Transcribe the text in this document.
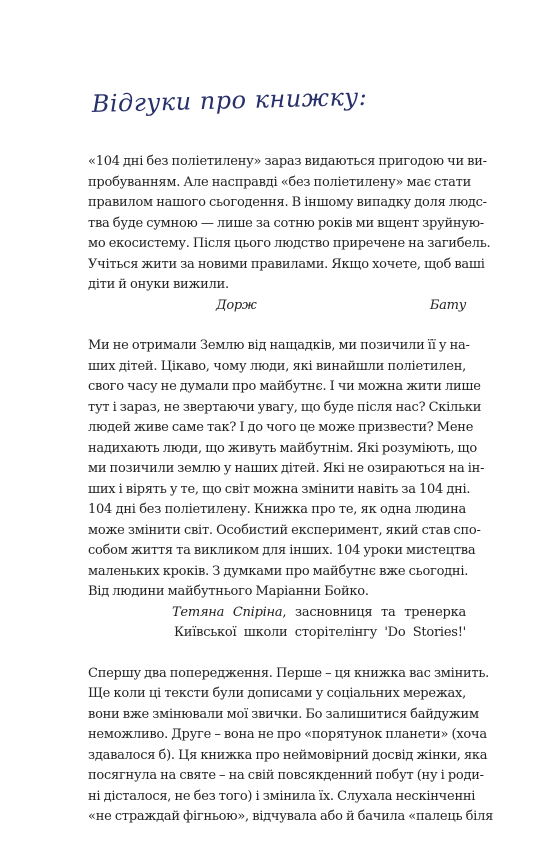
Відгуки про книжку:
«104 дні без поліетилену» зараз видаються пригодою чи ви-
пробуванням. Але насправді «без поліетилену» має стати
правилом нашого сьогодення. В іншому випадку доля людс-
тва буде сумною — лише за сотню років ми вщент зруйную-
мо екосистему. Після цього людство приречене на загибель.
Учіться жити за новими правилами. Якщо хочете, щоб ваші
діти й онуки вижили.
Дорж Бату
Ми не отримали Землю від нащадків, ми позичили її у на-
ших дітей. Цікаво, чому люди, які винайшли поліетилен,
свого часу не думали про майбутнє. І чи можна жити лише
тут і зараз, не звертаючи увагу, що буде після нас? Скільки
людей живе саме так? І до чого це може призвести? Мене
надихають люди, що живуть майбутнім. Які розуміють, що
ми позичили землю у наших дітей. Які не озираються на ін-
ших і вірять у те, що світ можна змінити навіть за 104 дні.
104 дні без поліетилену. Книжка про те, як одна людина
може змінити світ. Особистий експеримент, який став спо-
собом життя та викликом для інших. 104 уроки мистецтва
маленьких кроків. З думками про майбутнє вже сьогодні.
Від людини майбутнього Маріанни Бойко.
Тетяна Спіріна, засновниця та тренерка
Київської школи сторітелінгу 'Do Stories!'
Спершу два попередження. Перше – ця книжка вас змінить.
Ще коли ці тексти були дописами у соціальних мережах,
вони вже змінювали мої звички. Бо залишитися байдужим
неможливо. Друге – вона не про «порятунок планети» (хоча
здавалося б). Ця книжка про неймовірний досвід жінки, яка
посягнула на святе – на свій повсякденний побут (ну і роди-
ні дісталося, не без того) і змінила їх. Слухала нескінченні
«не страждай фігньою», відчувала або й бачила «палець біля
